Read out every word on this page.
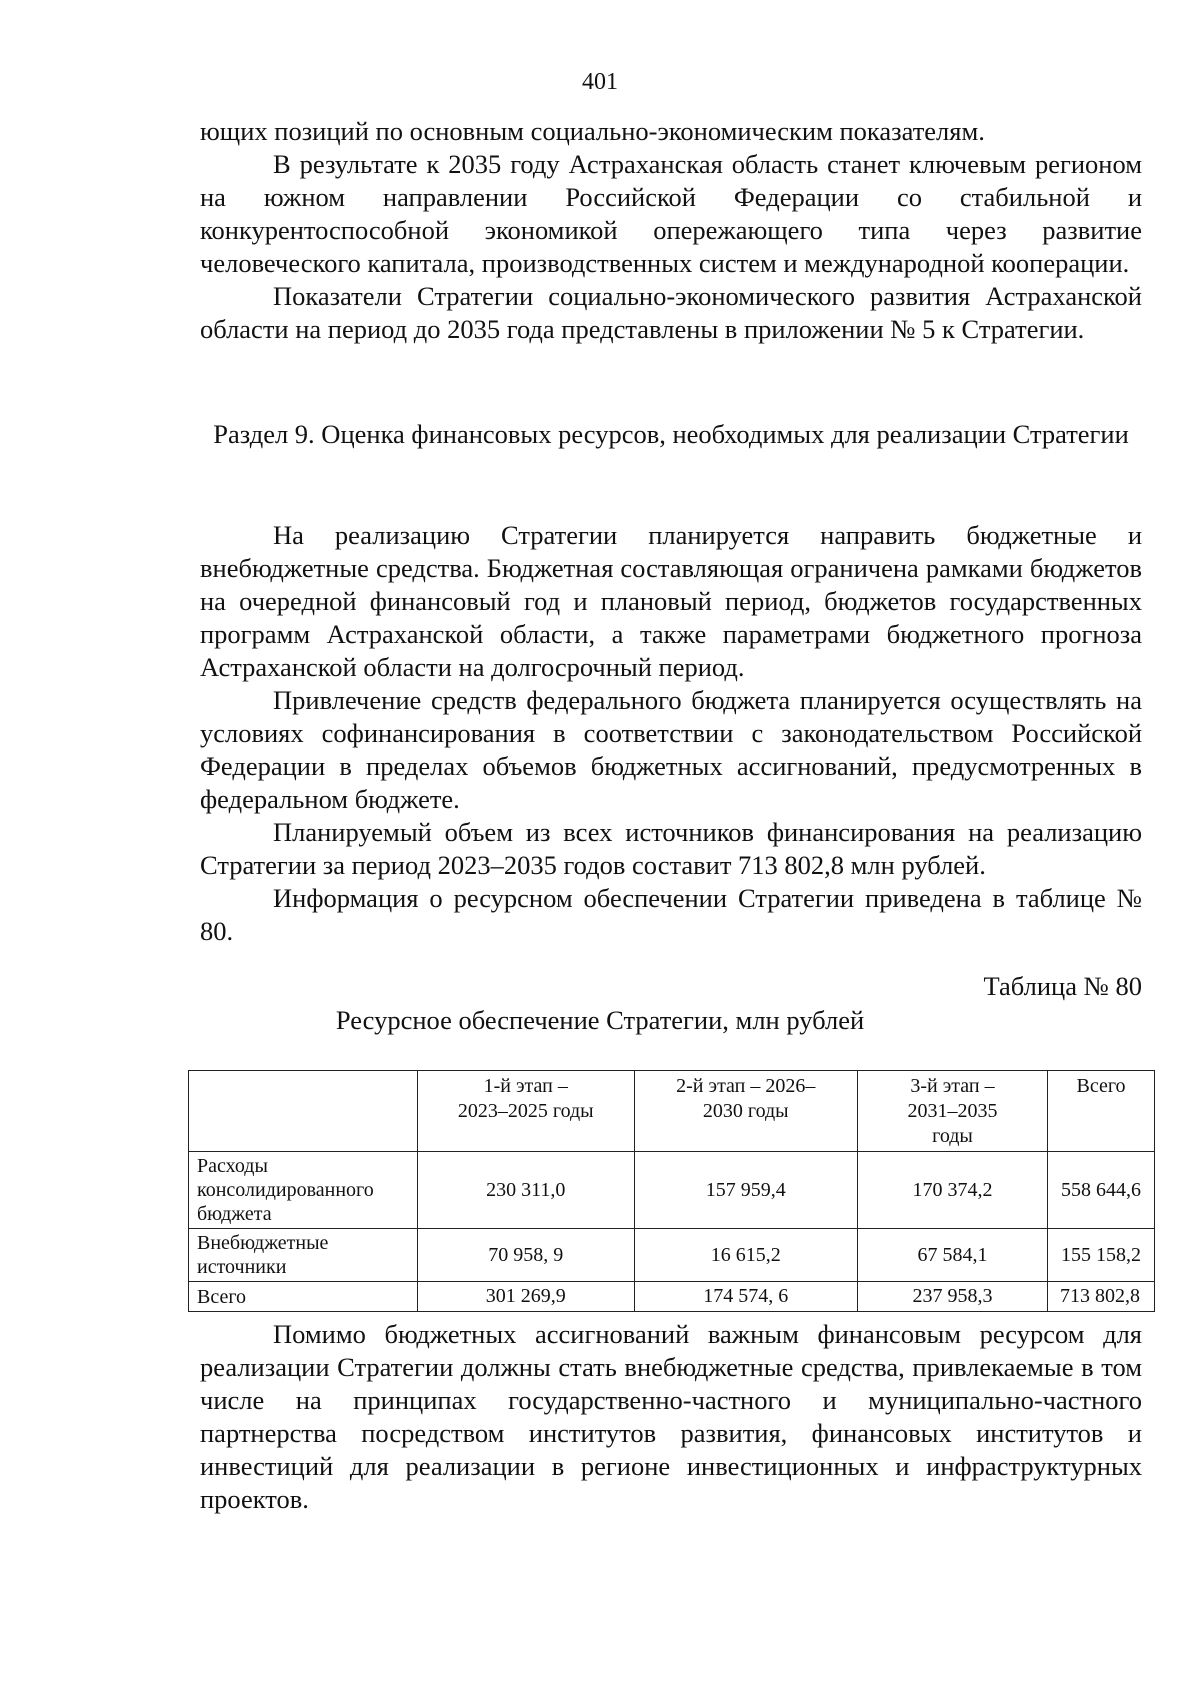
401

ющих позиций по основным социально-экономическим показателям.

В результате к 2035 году Астраханская область станет ключевым регионом на южном направлении Российской Федерации со стабильной и конкурентоспособной экономикой опережающего типа через развитие человеческого капитала, производственных систем и международной кооперации.

Показатели Стратегии социально-экономического развития Астраханской области на период до 2035 года представлены в приложении № 5 к Стратегии.

Раздел 9. Оценка финансовых ресурсов, необходимых для реализации Стратегии

На реализацию Стратегии планируется направить бюджетные и внебюджетные средства. Бюджетная составляющая ограничена рамками бюджетов на очередной финансовый год и плановый период, бюджетов государственных программ Астраханской области, а также параметрами бюджетного прогноза Астраханской области на долгосрочный период.

Привлечение средств федерального бюджета планируется осуществлять на условиях софинансирования в соответствии с законодательством Российской Федерации в пределах объемов бюджетных ассигнований, предусмотренных в федеральном бюджете.

Планируемый объем из всех источников финансирования на реализацию Стратегии за период 2023–2035 годов составит 713 802,8 млн рублей.

Информация о ресурсном обеспечении Стратегии приведена в таблице № 80.

Таблица № 80
Ресурсное обеспечение Стратегии, млн рублей
	1-й этап – 2023–2025 годы	2-й этап – 2026–2030 годы	3-й этап – 2031–2035 годы	Всего
Расходы консолидированного бюджета	230 311,0	157 959,4	170 374,2	558 644,6
Внебюджетные источники	70 958, 9	16 615,2	67 584,1	155 158,2
Всего	301 269,9	174 574, 6	237 958,3	713 802,8

Помимо бюджетных ассигнований важным финансовым ресурсом для реализации Стратегии должны стать внебюджетные средства, привлекаемые в том числе на принципах государственно-частного и муниципально-частного партнерства посредством институтов развития, финансовых институтов и инвестиций для реализации в регионе инвестиционных и инфраструктурных проектов.
